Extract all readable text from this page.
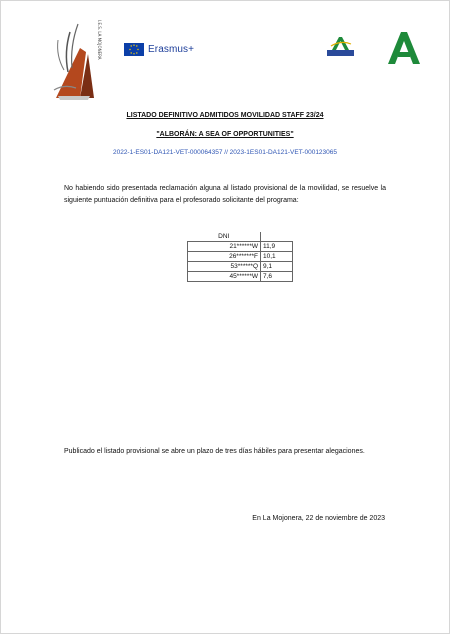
I.E.S. LA MOJONERA	Erasmus+
LISTADO DEFINITIVO ADMITIDOS MOVILIDAD STAFF 23/24
"ALBORÁN: A SEA OF OPPORTUNITIES"
2022-1-ES01-DA121-VET-000064357 // 2023-1ES01-DA121-VET-000123065
No habiendo sido presentada reclamación alguna al listado provisional de la movilidad, se resuelve la siguiente puntuación definitiva para el profesorado solicitante del programa:
DNI	
21******W	11,9
26*******F	10,1
53******Q	9,1
45******W	7,6
Publicado el listado provisional se abre un plazo de tres días hábiles para presentar alegaciones.
En La Mojonera, 22 de noviembre de 2023
